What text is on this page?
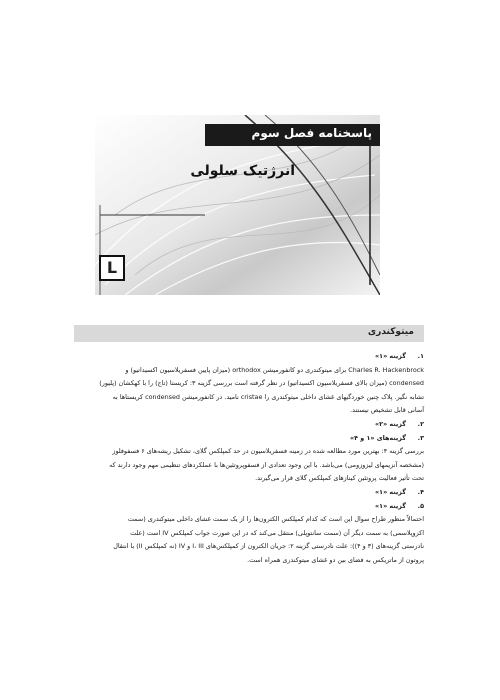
پاسخنامه فصل سوم
انرژتیک سلولی
L
میتوکندری
۱.
گزینه «۱»
Charles R. Hackenbrock برای میتوکندری دو کانفورمیشن orthodox (میزان پایین فسفریلاسیون اکسیداتیو) و
condensed (میزان بالای فسفریلاسیون اکسیداتیو) در نظر گرفته است بررسی گزینه ۳: کریستا (تاج) را با کهکشان (پلیور)
تشابه نگیر. پلاک چنین خوردگیهای غشای داخلی میتوکندری را cristae نامید. در کانفورمیشن condensed کریستاها به
آسانی قابل تشخیص نیستند.
۲.
گزینه «۲»
۳.
گزینه‌های «۱ و ۴»
بررسی گزینه ۴: بهترین مورد مطالعه شده در زمینه فسفریلاسیون در حد کمپلکس گلای، تشکیل ریشه‌های ۶ فسفوفلوز
(مشخصه آنزیمهای لیزوزومی) می‌باشد. با این وجود تعدادی از فسفوپروتئین‌ها با عملکردهای تنظیمی مهم وجود دارند که
تحت تأثیر فعالیت پروتئین کینازهای کمپلکس گلای قرار می‌گیرند.
۴.
گزینه «۱»
۵.
گزینه «۱»
احتمالاً منظور طراح سوال این است که کدام کمپلکس الکترون‌ها را از یک سمت غشای داخلی میتوکندری (سمت
اکزوپلاسمی) به سمت دیگر آن (سمت سانتوپلی) منتقل می‌کند که در این صورت جواب کمپلکس IV است (علت
نادرستی گزینه‌های (۳ و ۴)): علت نادرستی گزینه ۲: جریان الکترون از کمپلکس‌های I، III و IV (نه کمپلکس II) با انتقال
پروتون از ماتریکس به فضای بین دو غشای میتوکندری همراه است.
